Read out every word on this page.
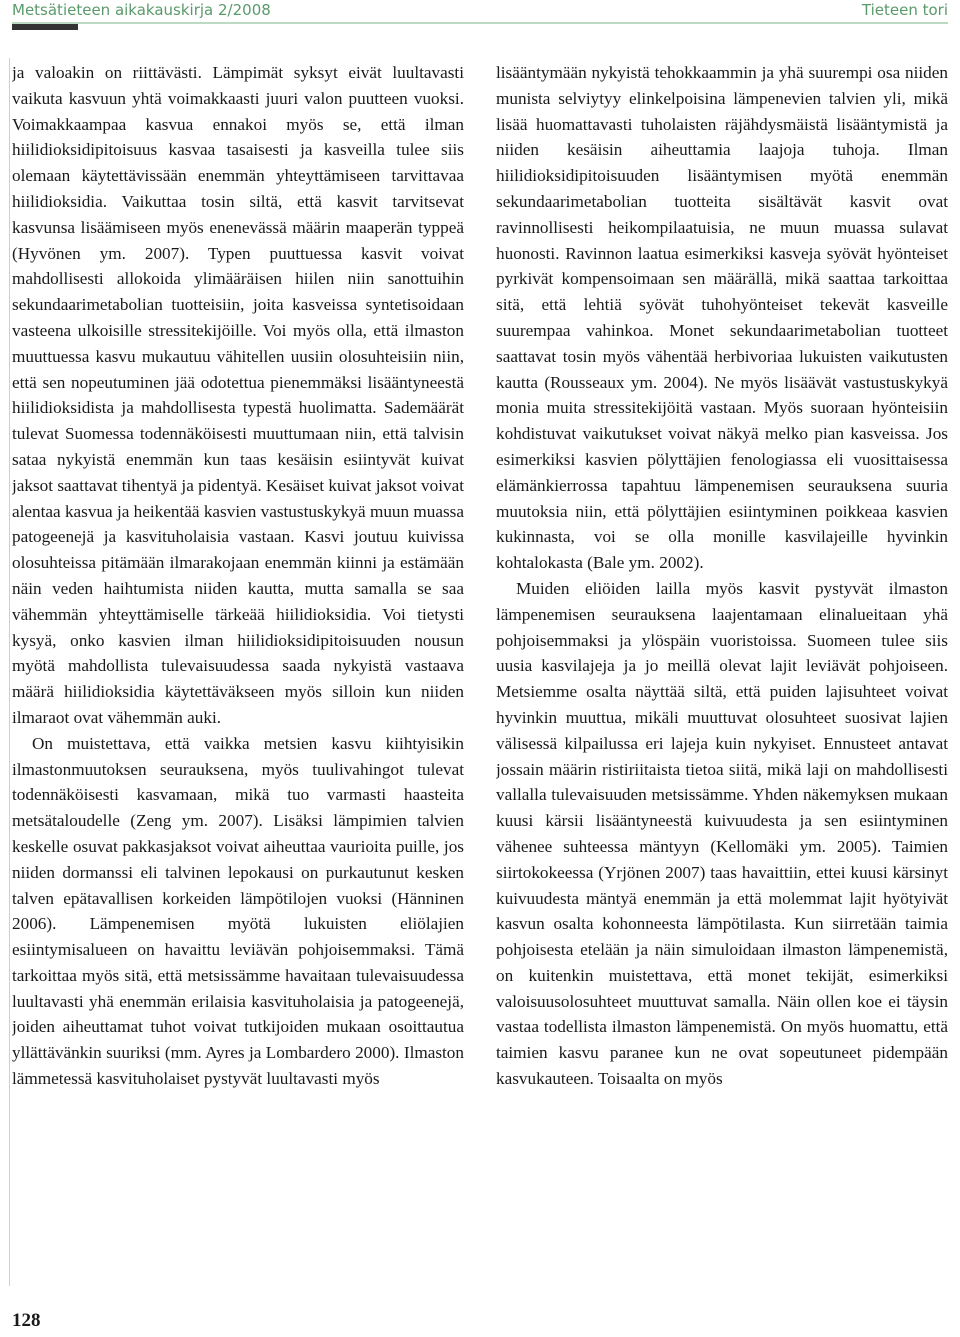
Metsätieteen aikakauskirja 2/2008	Tieteen tori

ja valoakin on riittävästi. Lämpimät syksyt eivät luultavasti vaikuta kasvuun yhtä voimakkaasti juuri valon puutteen vuoksi. Voimakkaampaa kasvua ennakoi myös se, että ilman hiilidioksidipitoisuus kasvaa tasaisesti ja kasveilla tulee siis olemaan käytettävissään enemmän yhteyttämiseen tarvittavaa hiilidioksidia. Vaikuttaa tosin siltä, että kasvit tarvitsevat kasvunsa lisäämiseen myös enenevässä määrin maaperän typpeä (Hyvönen ym. 2007). Typen puuttuessa kasvit voivat mahdollisesti allokoida ylimääräisen hiilen niin sanottuihin sekundaarimetabolian tuotteisiin, joita kasveissa syntetisoidaan vasteena ulkoisille stressitekijöille. Voi myös olla, että ilmaston muuttuessa kasvu mukautuu vähitellen uusiin olosuhteisiin niin, että sen nopeutuminen jää odotettua pienemmäksi lisääntyneestä hiilidioksidista ja mahdollisesta typestä huolimatta. Sademäärät tulevat Suomessa todennäköisesti muuttumaan niin, että talvisin sataa nykyistä enemmän kun taas kesäisin esiintyvät kuivat jaksot saattavat tihentyä ja pidentyä. Kesäiset kuivat jaksot voivat alentaa kasvua ja heikentää kasvien vastustuskykyä muun muassa patogeenejä ja kasvituholaisia vastaan. Kasvi joutuu kuivissa olosuhteissa pitämään ilmarakojaan enemmän kiinni ja estämään näin veden haihtumista niiden kautta, mutta samalla se saa vähemmän yhteyttämiselle tärkeää hiilidioksidia. Voi tietysti kysyä, onko kasvien ilman hiilidioksidipitoisuuden nousun myötä mahdollista tulevaisuudessa saada nykyistä vastaava määrä hiilidioksidia käytettäväkseen myös silloin kun niiden ilmaraot ovat vähemmän auki.

On muistettava, että vaikka metsien kasvu kiihtyisikin ilmastonmuutoksen seurauksena, myös tuulivahingot tulevat todennäköisesti kasvamaan, mikä tuo varmasti haasteita metsätaloudelle (Zeng ym. 2007). Lisäksi lämpimien talvien keskelle osuvat pakkasjaksot voivat aiheuttaa vaurioita puille, jos niiden dormanssi eli talvinen lepokausi on purkautunut kesken talven epätavallisen korkeiden lämpötilojen vuoksi (Hänninen 2006). Lämpenemisen myötä lukuisten eliölajien esiintymisalueen on havaittu leviävän pohjoisemmaksi. Tämä tarkoittaa myös sitä, että metsissämme havaitaan tulevaisuudessa luultavasti yhä enemmän erilaisia kasvituholaisia ja patogeenejä, joiden aiheuttamat tuhot voivat tutkijoiden mukaan osoittautua yllättävänkin suuriksi (mm. Ayres ja Lombardero 2000). Ilmaston lämmetessä kasvituholaiset pystyvät luultavasti myös

lisääntymään nykyistä tehokkaammin ja yhä suurempi osa niiden munista selviytyy elinkelpoisina lämpenevien talvien yli, mikä lisää huomattavasti tuholaisten räjähdysmäistä lisääntymistä ja niiden kesäisin aiheuttamia laajoja tuhoja. Ilman hiilidioksidipitoisuuden lisääntymisen myötä enemmän sekundaarimetabolian tuotteita sisältävät kasvit ovat ravinnollisesti heikompilaatuisia, ne muun muassa sulavat huonosti. Ravinnon laatua esimerkiksi kasveja syövät hyönteiset pyrkivät kompensoimaan sen määrällä, mikä saattaa tarkoittaa sitä, että lehtiä syövät tuhohyönteiset tekevät kasveille suurempaa vahinkoa. Monet sekundaarimetabolian tuotteet saattavat tosin myös vähentää herbivoriaa lukuisten vaikutusten kautta (Rousseaux ym. 2004). Ne myös lisäävät vastustuskykyä monia muita stressitekijöitä vastaan. Myös suoraan hyönteisiin kohdistuvat vaikutukset voivat näkyä melko pian kasveissa. Jos esimerkiksi kasvien pölyttäjien fenologiassa eli vuosittaisessa elämänkierrossa tapahtuu lämpenemisen seurauksena suuria muutoksia niin, että pölyttäjien esiintyminen poikkeaa kasvien kukinnasta, voi se olla monille kasvilajeille hyvinkin kohtalokasta (Bale ym. 2002).

Muiden eliöiden lailla myös kasvit pystyvät ilmaston lämpenemisen seurauksena laajentamaan elinalueitaan yhä pohjoisemmaksi ja ylöspäin vuoristoissa. Suomeen tulee siis uusia kasvilajeja ja jo meillä olevat lajit leviävät pohjoiseen. Metsiemme osalta näyttää siltä, että puiden lajisuhteet voivat hyvinkin muuttua, mikäli muuttuvat olosuhteet suosivat lajien välisessä kilpailussa eri lajeja kuin nykyiset. Ennusteet antavat jossain määrin ristiriitaista tietoa siitä, mikä laji on mahdollisesti vallalla tulevaisuuden metsissämme. Yhden näkemyksen mukaan kuusi kärsii lisääntyneestä kuivuudesta ja sen esiintyminen vähenee suhteessa mäntyyn (Kellomäki ym. 2005). Taimien siirtokokeessa (Yrjönen 2007) taas havaittiin, ettei kuusi kärsinyt kuivuudesta mäntyä enemmän ja että molemmat lajit hyötyivät kasvun osalta kohonneesta lämpötilasta. Kun siirretään taimia pohjoisesta etelään ja näin simuloidaan ilmaston lämpenemistä, on kuitenkin muistettava, että monet tekijät, esimerkiksi valoisuusolosuhteet muuttuvat samalla. Näin ollen koe ei täysin vastaa todellista ilmaston lämpenemistä. On myös huomattu, että taimien kasvu paranee kun ne ovat sopeutuneet pidempään kasvukauteen. Toisaalta on myös

128
